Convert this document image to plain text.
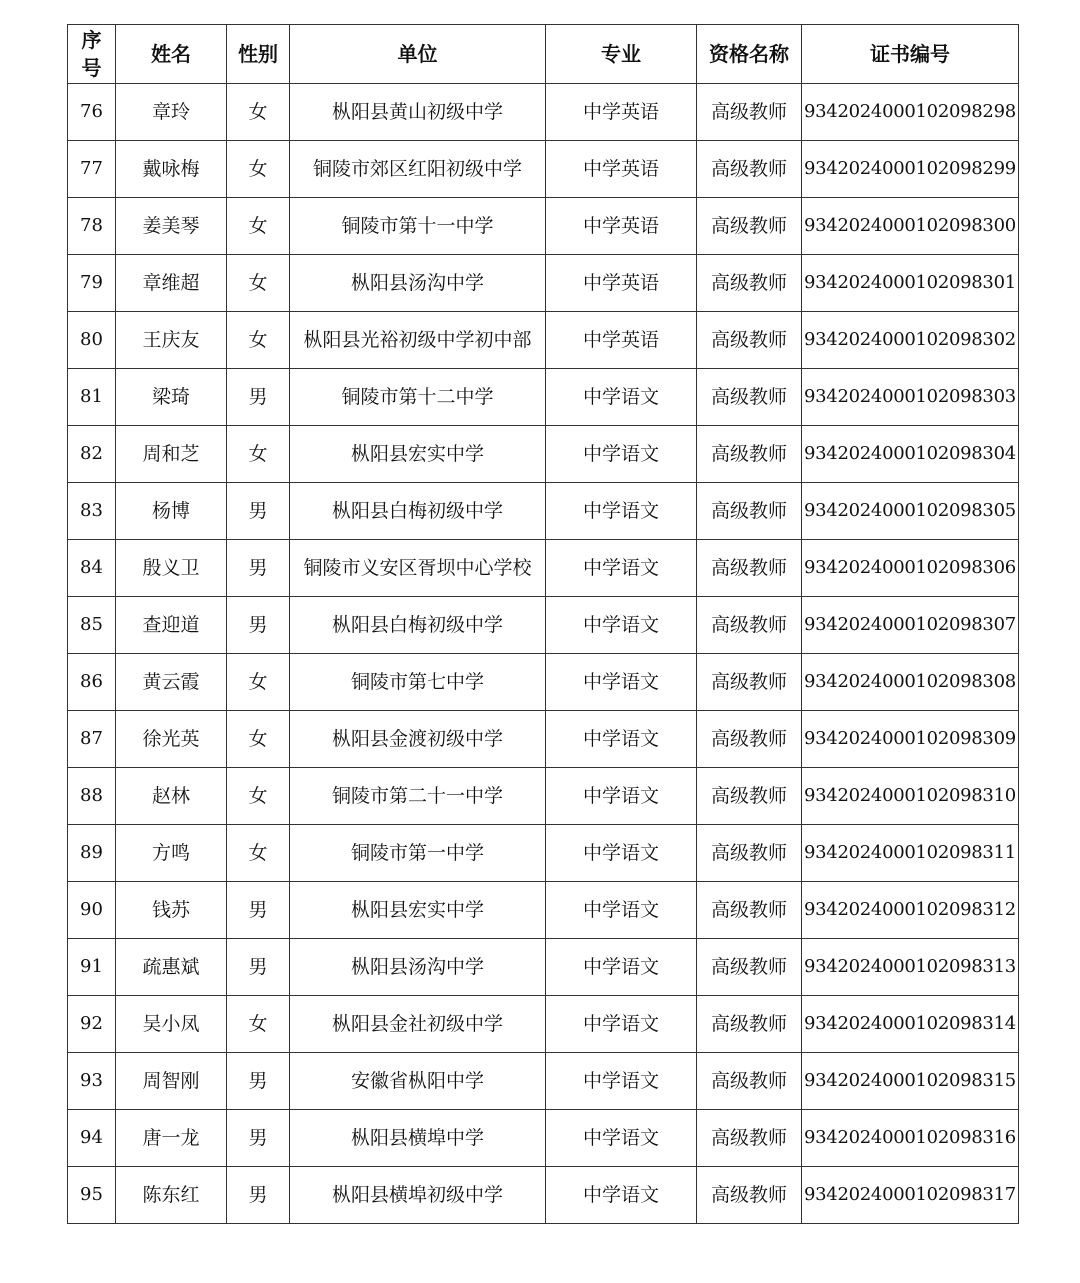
序号	姓名	性别	单位	专业	资格名称	证书编号
76	章玲	女	枞阳县黄山初级中学	中学英语	高级教师	9342024000102098298
77	戴咏梅	女	铜陵市郊区红阳初级中学	中学英语	高级教师	9342024000102098299
78	姜美琴	女	铜陵市第十一中学	中学英语	高级教师	9342024000102098300
79	章维超	女	枞阳县汤沟中学	中学英语	高级教师	9342024000102098301
80	王庆友	女	枞阳县光裕初级中学初中部	中学英语	高级教师	9342024000102098302
81	梁琦	男	铜陵市第十二中学	中学语文	高级教师	9342024000102098303
82	周和芝	女	枞阳县宏实中学	中学语文	高级教师	9342024000102098304
83	杨博	男	枞阳县白梅初级中学	中学语文	高级教师	9342024000102098305
84	殷义卫	男	铜陵市义安区胥坝中心学校	中学语文	高级教师	9342024000102098306
85	查迎道	男	枞阳县白梅初级中学	中学语文	高级教师	9342024000102098307
86	黄云霞	女	铜陵市第七中学	中学语文	高级教师	9342024000102098308
87	徐光英	女	枞阳县金渡初级中学	中学语文	高级教师	9342024000102098309
88	赵林	女	铜陵市第二十一中学	中学语文	高级教师	9342024000102098310
89	方鸣	女	铜陵市第一中学	中学语文	高级教师	9342024000102098311
90	钱苏	男	枞阳县宏实中学	中学语文	高级教师	9342024000102098312
91	疏惠斌	男	枞阳县汤沟中学	中学语文	高级教师	9342024000102098313
92	吴小凤	女	枞阳县金社初级中学	中学语文	高级教师	9342024000102098314
93	周智刚	男	安徽省枞阳中学	中学语文	高级教师	9342024000102098315
94	唐一龙	男	枞阳县横埠中学	中学语文	高级教师	9342024000102098316
95	陈东红	男	枞阳县横埠初级中学	中学语文	高级教师	9342024000102098317
